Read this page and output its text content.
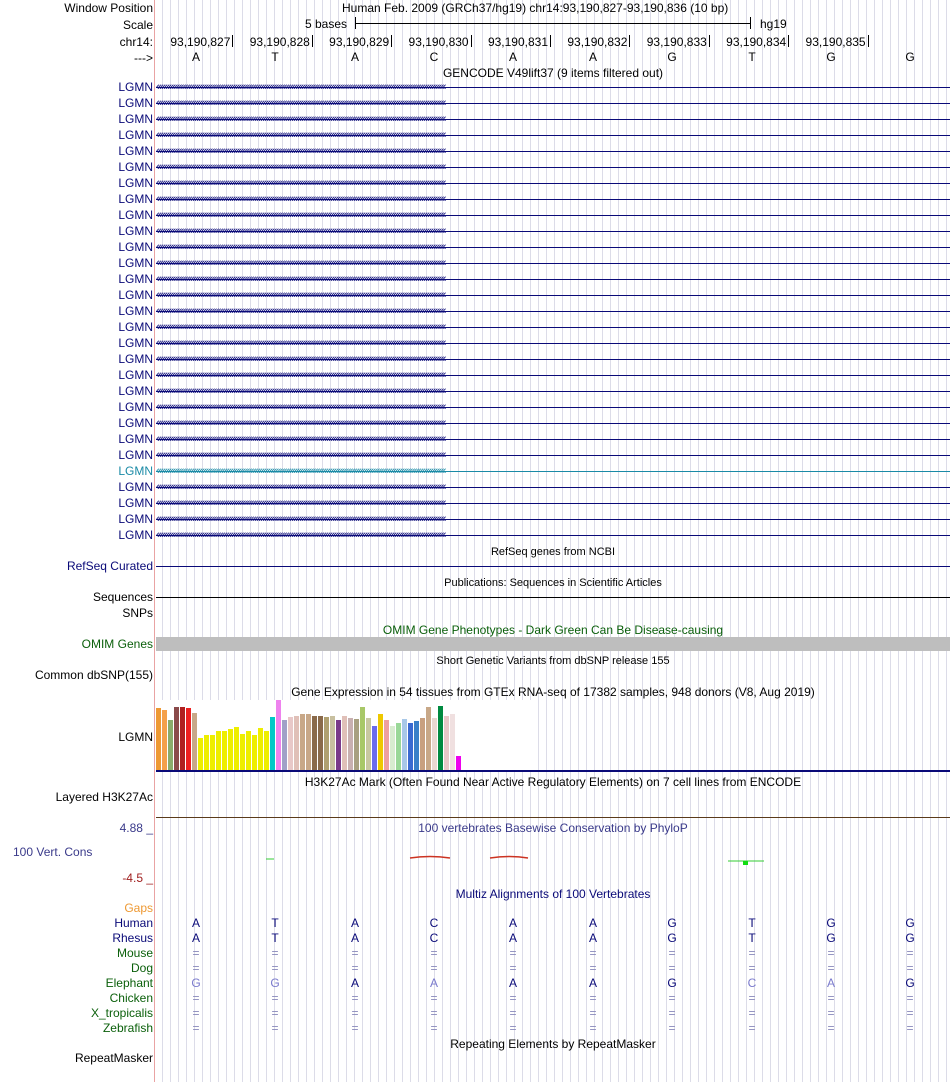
Window Position	Human Feb. 2009 (GRCh37/hg19) chr14:93,190,827-93,190,836 (10 bp)
Scale	5 bases	hg19
chr14: 93,190,827 93,190,828 93,190,829 93,190,830 93,190,831 93,190,832 93,190,833 93,190,834 93,190,835
--->	A	T	A	C	A	A	G	T	G	G
GENCODE V49lift37 (9 items filtered out)
LGMN ‹‹‹‹‹‹‹‹‹‹‹‹‹‹‹‹‹‹‹‹‹‹‹‹‹‹‹‹‹‹‹‹‹‹‹‹‹‹‹‹‹‹‹‹‹‹‹‹‹‹‹‹‹‹‹‹‹‹‹‹‹‹‹‹‹‹‹‹‹‹‹‹‹‹‹‹‹‹‹‹‹‹‹‹‹‹‹‹‹‹‹‹‹‹‹‹‹‹‹‹‹‹‹‹‹‹‹‹‹‹‹‹‹‹‹‹‹‹‹‹‹‹‹‹‹‹‹‹‹‹‹‹‹‹‹‹‹‹‹‹
LGMN ‹‹‹‹‹‹‹‹‹‹‹‹‹‹‹‹‹‹‹‹‹‹‹‹‹‹‹‹‹‹‹‹‹‹‹‹‹‹‹‹‹‹‹‹‹‹‹‹‹‹‹‹‹‹‹‹‹‹‹‹‹‹‹‹‹‹‹‹‹‹‹‹‹‹‹‹‹‹‹‹‹‹‹‹‹‹‹‹‹‹‹‹‹‹‹‹‹‹‹‹‹‹‹‹‹‹‹‹‹‹‹‹‹‹‹‹‹‹‹‹‹‹‹‹‹‹‹‹‹‹‹‹‹‹‹‹‹‹‹‹
LGMN ‹‹‹‹‹‹‹‹‹‹‹‹‹‹‹‹‹‹‹‹‹‹‹‹‹‹‹‹‹‹‹‹‹‹‹‹‹‹‹‹‹‹‹‹‹‹‹‹‹‹‹‹‹‹‹‹‹‹‹‹‹‹‹‹‹‹‹‹‹‹‹‹‹‹‹‹‹‹‹‹‹‹‹‹‹‹‹‹‹‹‹‹‹‹‹‹‹‹‹‹‹‹‹‹‹‹‹‹‹‹‹‹‹‹‹‹‹‹‹‹‹‹‹‹‹‹‹‹‹‹‹‹‹‹‹‹‹‹‹‹
LGMN ‹‹‹‹‹‹‹‹‹‹‹‹‹‹‹‹‹‹‹‹‹‹‹‹‹‹‹‹‹‹‹‹‹‹‹‹‹‹‹‹‹‹‹‹‹‹‹‹‹‹‹‹‹‹‹‹‹‹‹‹‹‹‹‹‹‹‹‹‹‹‹‹‹‹‹‹‹‹‹‹‹‹‹‹‹‹‹‹‹‹‹‹‹‹‹‹‹‹‹‹‹‹‹‹‹‹‹‹‹‹‹‹‹‹‹‹‹‹‹‹‹‹‹‹‹‹‹‹‹‹‹‹‹‹‹‹‹‹‹‹
LGMN ‹‹‹‹‹‹‹‹‹‹‹‹‹‹‹‹‹‹‹‹‹‹‹‹‹‹‹‹‹‹‹‹‹‹‹‹‹‹‹‹‹‹‹‹‹‹‹‹‹‹‹‹‹‹‹‹‹‹‹‹‹‹‹‹‹‹‹‹‹‹‹‹‹‹‹‹‹‹‹‹‹‹‹‹‹‹‹‹‹‹‹‹‹‹‹‹‹‹‹‹‹‹‹‹‹‹‹‹‹‹‹‹‹‹‹‹‹‹‹‹‹‹‹‹‹‹‹‹‹‹‹‹‹‹‹‹‹‹‹‹
LGMN ‹‹‹‹‹‹‹‹‹‹‹‹‹‹‹‹‹‹‹‹‹‹‹‹‹‹‹‹‹‹‹‹‹‹‹‹‹‹‹‹‹‹‹‹‹‹‹‹‹‹‹‹‹‹‹‹‹‹‹‹‹‹‹‹‹‹‹‹‹‹‹‹‹‹‹‹‹‹‹‹‹‹‹‹‹‹‹‹‹‹‹‹‹‹‹‹‹‹‹‹‹‹‹‹‹‹‹‹‹‹‹‹‹‹‹‹‹‹‹‹‹‹‹‹‹‹‹‹‹‹‹‹‹‹‹‹‹‹‹‹
LGMN ‹‹‹‹‹‹‹‹‹‹‹‹‹‹‹‹‹‹‹‹‹‹‹‹‹‹‹‹‹‹‹‹‹‹‹‹‹‹‹‹‹‹‹‹‹‹‹‹‹‹‹‹‹‹‹‹‹‹‹‹‹‹‹‹‹‹‹‹‹‹‹‹‹‹‹‹‹‹‹‹‹‹‹‹‹‹‹‹‹‹‹‹‹‹‹‹‹‹‹‹‹‹‹‹‹‹‹‹‹‹‹‹‹‹‹‹‹‹‹‹‹‹‹‹‹‹‹‹‹‹‹‹‹‹‹‹‹‹‹‹
LGMN ‹‹‹‹‹‹‹‹‹‹‹‹‹‹‹‹‹‹‹‹‹‹‹‹‹‹‹‹‹‹‹‹‹‹‹‹‹‹‹‹‹‹‹‹‹‹‹‹‹‹‹‹‹‹‹‹‹‹‹‹‹‹‹‹‹‹‹‹‹‹‹‹‹‹‹‹‹‹‹‹‹‹‹‹‹‹‹‹‹‹‹‹‹‹‹‹‹‹‹‹‹‹‹‹‹‹‹‹‹‹‹‹‹‹‹‹‹‹‹‹‹‹‹‹‹‹‹‹‹‹‹‹‹‹‹‹‹‹‹‹
LGMN ‹‹‹‹‹‹‹‹‹‹‹‹‹‹‹‹‹‹‹‹‹‹‹‹‹‹‹‹‹‹‹‹‹‹‹‹‹‹‹‹‹‹‹‹‹‹‹‹‹‹‹‹‹‹‹‹‹‹‹‹‹‹‹‹‹‹‹‹‹‹‹‹‹‹‹‹‹‹‹‹‹‹‹‹‹‹‹‹‹‹‹‹‹‹‹‹‹‹‹‹‹‹‹‹‹‹‹‹‹‹‹‹‹‹‹‹‹‹‹‹‹‹‹‹‹‹‹‹‹‹‹‹‹‹‹‹‹‹‹‹
LGMN ‹‹‹‹‹‹‹‹‹‹‹‹‹‹‹‹‹‹‹‹‹‹‹‹‹‹‹‹‹‹‹‹‹‹‹‹‹‹‹‹‹‹‹‹‹‹‹‹‹‹‹‹‹‹‹‹‹‹‹‹‹‹‹‹‹‹‹‹‹‹‹‹‹‹‹‹‹‹‹‹‹‹‹‹‹‹‹‹‹‹‹‹‹‹‹‹‹‹‹‹‹‹‹‹‹‹‹‹‹‹‹‹‹‹‹‹‹‹‹‹‹‹‹‹‹‹‹‹‹‹‹‹‹‹‹‹‹‹‹‹
LGMN ‹‹‹‹‹‹‹‹‹‹‹‹‹‹‹‹‹‹‹‹‹‹‹‹‹‹‹‹‹‹‹‹‹‹‹‹‹‹‹‹‹‹‹‹‹‹‹‹‹‹‹‹‹‹‹‹‹‹‹‹‹‹‹‹‹‹‹‹‹‹‹‹‹‹‹‹‹‹‹‹‹‹‹‹‹‹‹‹‹‹‹‹‹‹‹‹‹‹‹‹‹‹‹‹‹‹‹‹‹‹‹‹‹‹‹‹‹‹‹‹‹‹‹‹‹‹‹‹‹‹‹‹‹‹‹‹‹‹‹‹
LGMN ‹‹‹‹‹‹‹‹‹‹‹‹‹‹‹‹‹‹‹‹‹‹‹‹‹‹‹‹‹‹‹‹‹‹‹‹‹‹‹‹‹‹‹‹‹‹‹‹‹‹‹‹‹‹‹‹‹‹‹‹‹‹‹‹‹‹‹‹‹‹‹‹‹‹‹‹‹‹‹‹‹‹‹‹‹‹‹‹‹‹‹‹‹‹‹‹‹‹‹‹‹‹‹‹‹‹‹‹‹‹‹‹‹‹‹‹‹‹‹‹‹‹‹‹‹‹‹‹‹‹‹‹‹‹‹‹‹‹‹‹
LGMN ‹‹‹‹‹‹‹‹‹‹‹‹‹‹‹‹‹‹‹‹‹‹‹‹‹‹‹‹‹‹‹‹‹‹‹‹‹‹‹‹‹‹‹‹‹‹‹‹‹‹‹‹‹‹‹‹‹‹‹‹‹‹‹‹‹‹‹‹‹‹‹‹‹‹‹‹‹‹‹‹‹‹‹‹‹‹‹‹‹‹‹‹‹‹‹‹‹‹‹‹‹‹‹‹‹‹‹‹‹‹‹‹‹‹‹‹‹‹‹‹‹‹‹‹‹‹‹‹‹‹‹‹‹‹‹‹‹‹‹‹
LGMN ‹‹‹‹‹‹‹‹‹‹‹‹‹‹‹‹‹‹‹‹‹‹‹‹‹‹‹‹‹‹‹‹‹‹‹‹‹‹‹‹‹‹‹‹‹‹‹‹‹‹‹‹‹‹‹‹‹‹‹‹‹‹‹‹‹‹‹‹‹‹‹‹‹‹‹‹‹‹‹‹‹‹‹‹‹‹‹‹‹‹‹‹‹‹‹‹‹‹‹‹‹‹‹‹‹‹‹‹‹‹‹‹‹‹‹‹‹‹‹‹‹‹‹‹‹‹‹‹‹‹‹‹‹‹‹‹‹‹‹‹
LGMN ‹‹‹‹‹‹‹‹‹‹‹‹‹‹‹‹‹‹‹‹‹‹‹‹‹‹‹‹‹‹‹‹‹‹‹‹‹‹‹‹‹‹‹‹‹‹‹‹‹‹‹‹‹‹‹‹‹‹‹‹‹‹‹‹‹‹‹‹‹‹‹‹‹‹‹‹‹‹‹‹‹‹‹‹‹‹‹‹‹‹‹‹‹‹‹‹‹‹‹‹‹‹‹‹‹‹‹‹‹‹‹‹‹‹‹‹‹‹‹‹‹‹‹‹‹‹‹‹‹‹‹‹‹‹‹‹‹‹‹‹
LGMN ‹‹‹‹‹‹‹‹‹‹‹‹‹‹‹‹‹‹‹‹‹‹‹‹‹‹‹‹‹‹‹‹‹‹‹‹‹‹‹‹‹‹‹‹‹‹‹‹‹‹‹‹‹‹‹‹‹‹‹‹‹‹‹‹‹‹‹‹‹‹‹‹‹‹‹‹‹‹‹‹‹‹‹‹‹‹‹‹‹‹‹‹‹‹‹‹‹‹‹‹‹‹‹‹‹‹‹‹‹‹‹‹‹‹‹‹‹‹‹‹‹‹‹‹‹‹‹‹‹‹‹‹‹‹‹‹‹‹‹‹
LGMN ‹‹‹‹‹‹‹‹‹‹‹‹‹‹‹‹‹‹‹‹‹‹‹‹‹‹‹‹‹‹‹‹‹‹‹‹‹‹‹‹‹‹‹‹‹‹‹‹‹‹‹‹‹‹‹‹‹‹‹‹‹‹‹‹‹‹‹‹‹‹‹‹‹‹‹‹‹‹‹‹‹‹‹‹‹‹‹‹‹‹‹‹‹‹‹‹‹‹‹‹‹‹‹‹‹‹‹‹‹‹‹‹‹‹‹‹‹‹‹‹‹‹‹‹‹‹‹‹‹‹‹‹‹‹‹‹‹‹‹‹
LGMN ‹‹‹‹‹‹‹‹‹‹‹‹‹‹‹‹‹‹‹‹‹‹‹‹‹‹‹‹‹‹‹‹‹‹‹‹‹‹‹‹‹‹‹‹‹‹‹‹‹‹‹‹‹‹‹‹‹‹‹‹‹‹‹‹‹‹‹‹‹‹‹‹‹‹‹‹‹‹‹‹‹‹‹‹‹‹‹‹‹‹‹‹‹‹‹‹‹‹‹‹‹‹‹‹‹‹‹‹‹‹‹‹‹‹‹‹‹‹‹‹‹‹‹‹‹‹‹‹‹‹‹‹‹‹‹‹‹‹‹‹
LGMN ‹‹‹‹‹‹‹‹‹‹‹‹‹‹‹‹‹‹‹‹‹‹‹‹‹‹‹‹‹‹‹‹‹‹‹‹‹‹‹‹‹‹‹‹‹‹‹‹‹‹‹‹‹‹‹‹‹‹‹‹‹‹‹‹‹‹‹‹‹‹‹‹‹‹‹‹‹‹‹‹‹‹‹‹‹‹‹‹‹‹‹‹‹‹‹‹‹‹‹‹‹‹‹‹‹‹‹‹‹‹‹‹‹‹‹‹‹‹‹‹‹‹‹‹‹‹‹‹‹‹‹‹‹‹‹‹‹‹‹‹
LGMN ‹‹‹‹‹‹‹‹‹‹‹‹‹‹‹‹‹‹‹‹‹‹‹‹‹‹‹‹‹‹‹‹‹‹‹‹‹‹‹‹‹‹‹‹‹‹‹‹‹‹‹‹‹‹‹‹‹‹‹‹‹‹‹‹‹‹‹‹‹‹‹‹‹‹‹‹‹‹‹‹‹‹‹‹‹‹‹‹‹‹‹‹‹‹‹‹‹‹‹‹‹‹‹‹‹‹‹‹‹‹‹‹‹‹‹‹‹‹‹‹‹‹‹‹‹‹‹‹‹‹‹‹‹‹‹‹‹‹‹‹
LGMN ‹‹‹‹‹‹‹‹‹‹‹‹‹‹‹‹‹‹‹‹‹‹‹‹‹‹‹‹‹‹‹‹‹‹‹‹‹‹‹‹‹‹‹‹‹‹‹‹‹‹‹‹‹‹‹‹‹‹‹‹‹‹‹‹‹‹‹‹‹‹‹‹‹‹‹‹‹‹‹‹‹‹‹‹‹‹‹‹‹‹‹‹‹‹‹‹‹‹‹‹‹‹‹‹‹‹‹‹‹‹‹‹‹‹‹‹‹‹‹‹‹‹‹‹‹‹‹‹‹‹‹‹‹‹‹‹‹‹‹‹
LGMN ‹‹‹‹‹‹‹‹‹‹‹‹‹‹‹‹‹‹‹‹‹‹‹‹‹‹‹‹‹‹‹‹‹‹‹‹‹‹‹‹‹‹‹‹‹‹‹‹‹‹‹‹‹‹‹‹‹‹‹‹‹‹‹‹‹‹‹‹‹‹‹‹‹‹‹‹‹‹‹‹‹‹‹‹‹‹‹‹‹‹‹‹‹‹‹‹‹‹‹‹‹‹‹‹‹‹‹‹‹‹‹‹‹‹‹‹‹‹‹‹‹‹‹‹‹‹‹‹‹‹‹‹‹‹‹‹‹‹‹‹
LGMN ‹‹‹‹‹‹‹‹‹‹‹‹‹‹‹‹‹‹‹‹‹‹‹‹‹‹‹‹‹‹‹‹‹‹‹‹‹‹‹‹‹‹‹‹‹‹‹‹‹‹‹‹‹‹‹‹‹‹‹‹‹‹‹‹‹‹‹‹‹‹‹‹‹‹‹‹‹‹‹‹‹‹‹‹‹‹‹‹‹‹‹‹‹‹‹‹‹‹‹‹‹‹‹‹‹‹‹‹‹‹‹‹‹‹‹‹‹‹‹‹‹‹‹‹‹‹‹‹‹‹‹‹‹‹‹‹‹‹‹‹
LGMN ‹‹‹‹‹‹‹‹‹‹‹‹‹‹‹‹‹‹‹‹‹‹‹‹‹‹‹‹‹‹‹‹‹‹‹‹‹‹‹‹‹‹‹‹‹‹‹‹‹‹‹‹‹‹‹‹‹‹‹‹‹‹‹‹‹‹‹‹‹‹‹‹‹‹‹‹‹‹‹‹‹‹‹‹‹‹‹‹‹‹‹‹‹‹‹‹‹‹‹‹‹‹‹‹‹‹‹‹‹‹‹‹‹‹‹‹‹‹‹‹‹‹‹‹‹‹‹‹‹‹‹‹‹‹‹‹‹‹‹‹
LGMN ‹‹‹‹‹‹‹‹‹‹‹‹‹‹‹‹‹‹‹‹‹‹‹‹‹‹‹‹‹‹‹‹‹‹‹‹‹‹‹‹‹‹‹‹‹‹‹‹‹‹‹‹‹‹‹‹‹‹‹‹‹‹‹‹‹‹‹‹‹‹‹‹‹‹‹‹‹‹‹‹‹‹‹‹‹‹‹‹‹‹‹‹‹‹‹‹‹‹‹‹‹‹‹‹‹‹‹‹‹‹‹‹‹‹‹‹‹‹‹‹‹‹‹‹‹‹‹‹‹‹‹‹‹‹‹‹‹‹‹‹
LGMN ‹‹‹‹‹‹‹‹‹‹‹‹‹‹‹‹‹‹‹‹‹‹‹‹‹‹‹‹‹‹‹‹‹‹‹‹‹‹‹‹‹‹‹‹‹‹‹‹‹‹‹‹‹‹‹‹‹‹‹‹‹‹‹‹‹‹‹‹‹‹‹‹‹‹‹‹‹‹‹‹‹‹‹‹‹‹‹‹‹‹‹‹‹‹‹‹‹‹‹‹‹‹‹‹‹‹‹‹‹‹‹‹‹‹‹‹‹‹‹‹‹‹‹‹‹‹‹‹‹‹‹‹‹‹‹‹‹‹‹‹
LGMN ‹‹‹‹‹‹‹‹‹‹‹‹‹‹‹‹‹‹‹‹‹‹‹‹‹‹‹‹‹‹‹‹‹‹‹‹‹‹‹‹‹‹‹‹‹‹‹‹‹‹‹‹‹‹‹‹‹‹‹‹‹‹‹‹‹‹‹‹‹‹‹‹‹‹‹‹‹‹‹‹‹‹‹‹‹‹‹‹‹‹‹‹‹‹‹‹‹‹‹‹‹‹‹‹‹‹‹‹‹‹‹‹‹‹‹‹‹‹‹‹‹‹‹‹‹‹‹‹‹‹‹‹‹‹‹‹‹‹‹‹
LGMN ‹‹‹‹‹‹‹‹‹‹‹‹‹‹‹‹‹‹‹‹‹‹‹‹‹‹‹‹‹‹‹‹‹‹‹‹‹‹‹‹‹‹‹‹‹‹‹‹‹‹‹‹‹‹‹‹‹‹‹‹‹‹‹‹‹‹‹‹‹‹‹‹‹‹‹‹‹‹‹‹‹‹‹‹‹‹‹‹‹‹‹‹‹‹‹‹‹‹‹‹‹‹‹‹‹‹‹‹‹‹‹‹‹‹‹‹‹‹‹‹‹‹‹‹‹‹‹‹‹‹‹‹‹‹‹‹‹‹‹‹
LGMN ‹‹‹‹‹‹‹‹‹‹‹‹‹‹‹‹‹‹‹‹‹‹‹‹‹‹‹‹‹‹‹‹‹‹‹‹‹‹‹‹‹‹‹‹‹‹‹‹‹‹‹‹‹‹‹‹‹‹‹‹‹‹‹‹‹‹‹‹‹‹‹‹‹‹‹‹‹‹‹‹‹‹‹‹‹‹‹‹‹‹‹‹‹‹‹‹‹‹‹‹‹‹‹‹‹‹‹‹‹‹‹‹‹‹‹‹‹‹‹‹‹‹‹‹‹‹‹‹‹‹‹‹‹‹‹‹‹‹‹‹
RefSeq genes from NCBI
RefSeq Curated
Publications: Sequences in Scientific Articles
Sequences
SNPs
OMIM Gene Phenotypes - Dark Green Can Be Disease-causing
OMIM Genes
Short Genetic Variants from dbSNP release 155
Common dbSNP(155)
Gene Expression in 54 tissues from GTEx RNA-seq of 17382 samples, 948 donors (V8, Aug 2019)
LGMN
H3K27Ac Mark (Often Found Near Active Regulatory Elements) on 7 cell lines from ENCODE
Layered H3K27Ac
100 vertebrates Basewise Conservation by PhyloP
4.88 _
100 Vert. Cons
-4.5 _
Multiz Alignments of 100 Vertebrates
Gaps
Human	A	T	A	C	A	A	G	T	G	G
Rhesus	A	T	A	C	A	A	G	T	G	G
Mouse	=	=	=	=	=	=	=	=	=	=
Dog	=	=	=	=	=	=	=	=	=	=
Elephant	G	G	A	A	A	A	G	C	A	G
Chicken	=	=	=	=	=	=	=	=	=	=
X_tropicalis	=	=	=	=	=	=	=	=	=	=
Zebrafish	=	=	=	=	=	=	=	=	=	=
Repeating Elements by RepeatMasker
RepeatMasker
